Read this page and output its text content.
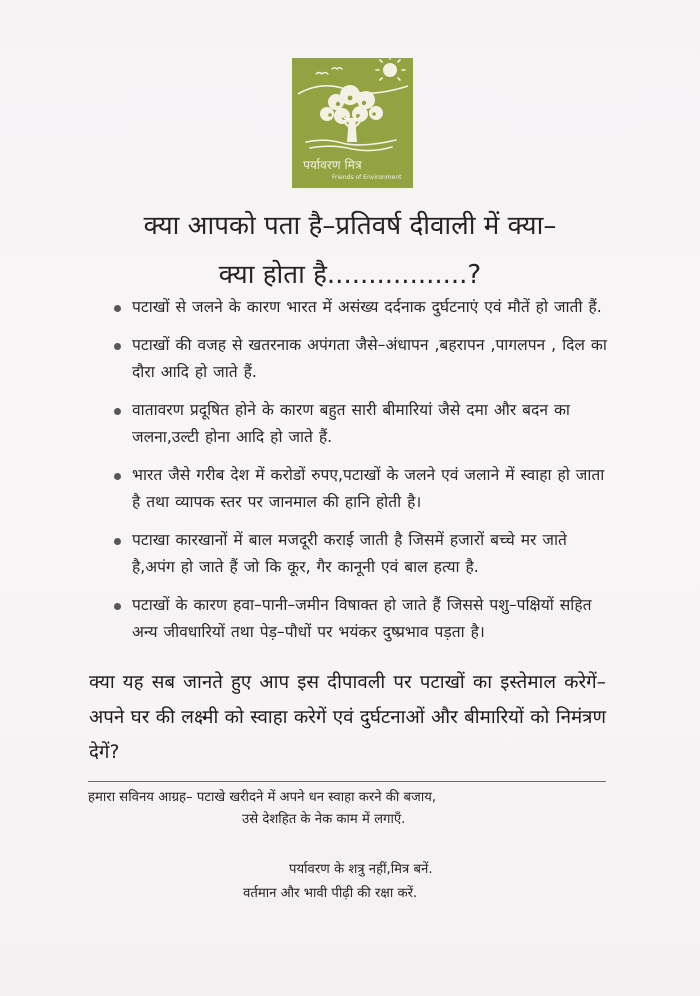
पर्यावरण मित्र
Friends of Environment
क्या आपको पता है–प्रतिवर्ष दीवाली में क्या–
क्या होता है.................?
पटाखों से जलने के कारण भारत में असंख्य दर्दनाक दुर्घटनाएं एवं मौतें हो जाती हैं.
पटाखों की वजह से खतरनाक अपंगता जैसे–अंधापन ,बहरापन ,पागलपन , दिल का दौरा आदि हो जाते हैं.
वातावरण प्रदूषित होने के कारण बहुत सारी बीमारियां जैसे दमा और बदन का जलना,उल्टी होना आदि हो जाते हैं.
भारत जैसे गरीब देश में करोडों रुपए,पटाखों के जलने एवं जलाने में स्वाहा हो जाता है तथा व्यापक स्तर पर जानमाल की हानि होती है।
पटाखा कारखानों में बाल मजदूरी कराई जाती है जिसमें हजारों बच्चे मर जाते है,अपंग हो जाते हैं जो कि कूर, गैर कानूनी एवं बाल हत्या है.
पटाखों के कारण हवा–पानी–जमीन विषाक्त हो जाते हैं जिससे पशु–पक्षियों सहित अन्य जीवधारियों तथा पेड़–पौधों पर भयंकर दुष्प्रभाव पड़ता है।
क्या यह सब जानते हुए आप इस दीपावली पर पटाखों का इस्तेमाल करेगें–अपने घर की लक्ष्मी को स्वाहा करेगें एवं दुर्घटनाओं और बीमारियों को निमंत्रण देगें?
हमारा सविनय आग्रह– पटाखे खरीदने में अपने धन स्वाहा करने की बजाय,
उसे देशहित के नेक काम में लगाएँ.
पर्यावरण के शत्रु नहीं,मित्र बनें.
वर्तमान और भावी पीढ़ी की रक्षा करें.
